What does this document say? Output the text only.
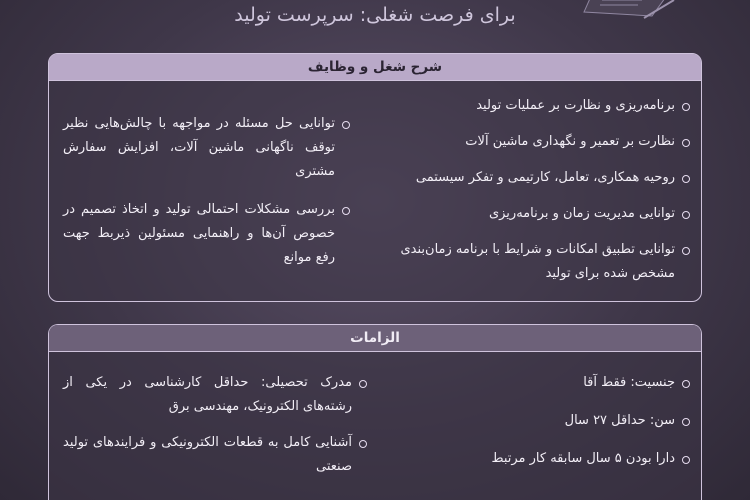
برای فرصت شغلی: سرپرست تولید
شرح شغل و وظایف
برنامه‌ریزی و نظارت بر عملیات تولید
نظارت بر تعمیر و نگهداری ماشین آلات
روحیه همکاری، تعامل، کارتیمی و تفکر سیستمی
توانایی مدیریت زمان و برنامه‌ریزی
توانایی تطبیق امکانات و شرایط با برنامه زمان‌بندی مشخص شده برای تولید
توانایی حل مسئله در مواجهه با چالش‌هایی نظیر توقف ناگهانی ماشین آلات، افزایش سفارش مشتری
بررسی مشکلات احتمالی تولید و اتخاذ تصمیم در خصوص آن‌ها و راهنمایی مسئولین ذیربط جهت رفع موانع
الزامات
جنسیت: فقط آقا
سن: حداقل ۲۷ سال
دارا بودن ۵ سال سابقه کار مرتبط
مدرک تحصیلی: حداقل کارشناسی در یکی از رشته‌های الکترونیک، مهندسی برق
آشنایی کامل به قطعات الکترونیکی و فرایندهای تولید صنعتی
